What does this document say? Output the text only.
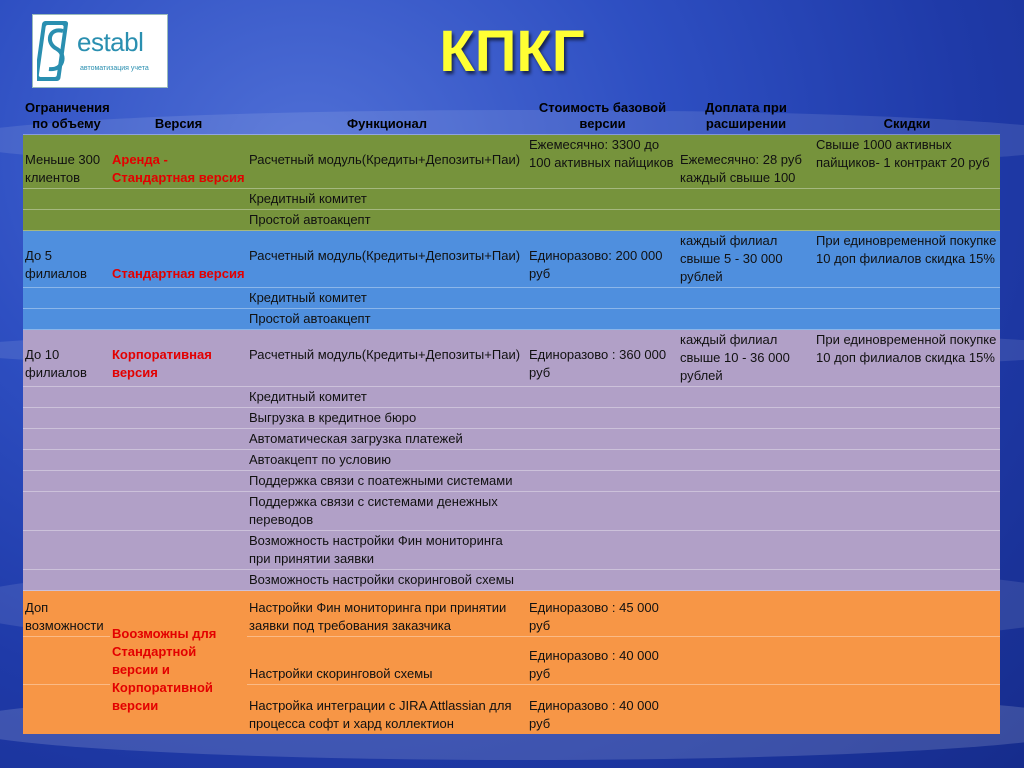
establ
автоматизация учета	КПКГ
Ограничения по объему	Версия	Функционал	Стоимость базовой версии	Доплата при расширении	Скидки
Меньше 300 клиентов	Аренда - Стандартная версия	Расчетный модуль(Кредиты+Депозиты+Паи)	Ежемесячно: 3300 до 100 активных пайщиков	Ежемесячно: 28 руб каждый свыше 100	Свыше 1000 активных пайщиков- 1 контракт 20 руб
		Кредитный комитет			
		Простой автоакцепт			
До 5 филиалов	Стандартная версия	Расчетный модуль(Кредиты+Депозиты+Паи)	Единоразово: 200 000 руб	каждый филиал свыше 5 - 30 000 рублей	При единовременной покупке 10 доп филиалов скидка 15%
		Кредитный комитет			
		Простой автоакцепт			
До 10 филиалов	Корпоративная версия	Расчетный модуль(Кредиты+Депозиты+Паи)	Единоразово : 360 000 руб	каждый филиал свыше 10 - 36 000 рублей	При единовременной покупке 10 доп филиалов скидка 15%
		Кредитный комитет			
		Выгрузка в кредитное бюро			
		Автоматическая загрузка платежей			
		Автоакцепт по условию			
		Поддержка связи с поатежными системами			
		Поддержка связи с системами денежных переводов			
		Возможность настройки Фин мониторинга при принятии заявки			
		Возможность настройки скоринговой схемы			
Доп возможности	Воозможны для Стандартной версии и Корпоративной версии	Настройки Фин мониторинга при принятии заявки под требования заказчика	Единоразово : 45 000 руб		
		Настройки скоринговой схемы	Единоразово : 40 000 руб		
		Настройка интеграции с JIRA Attlassian для процесса софт и хард коллектион	Единоразово : 40 000 руб		
